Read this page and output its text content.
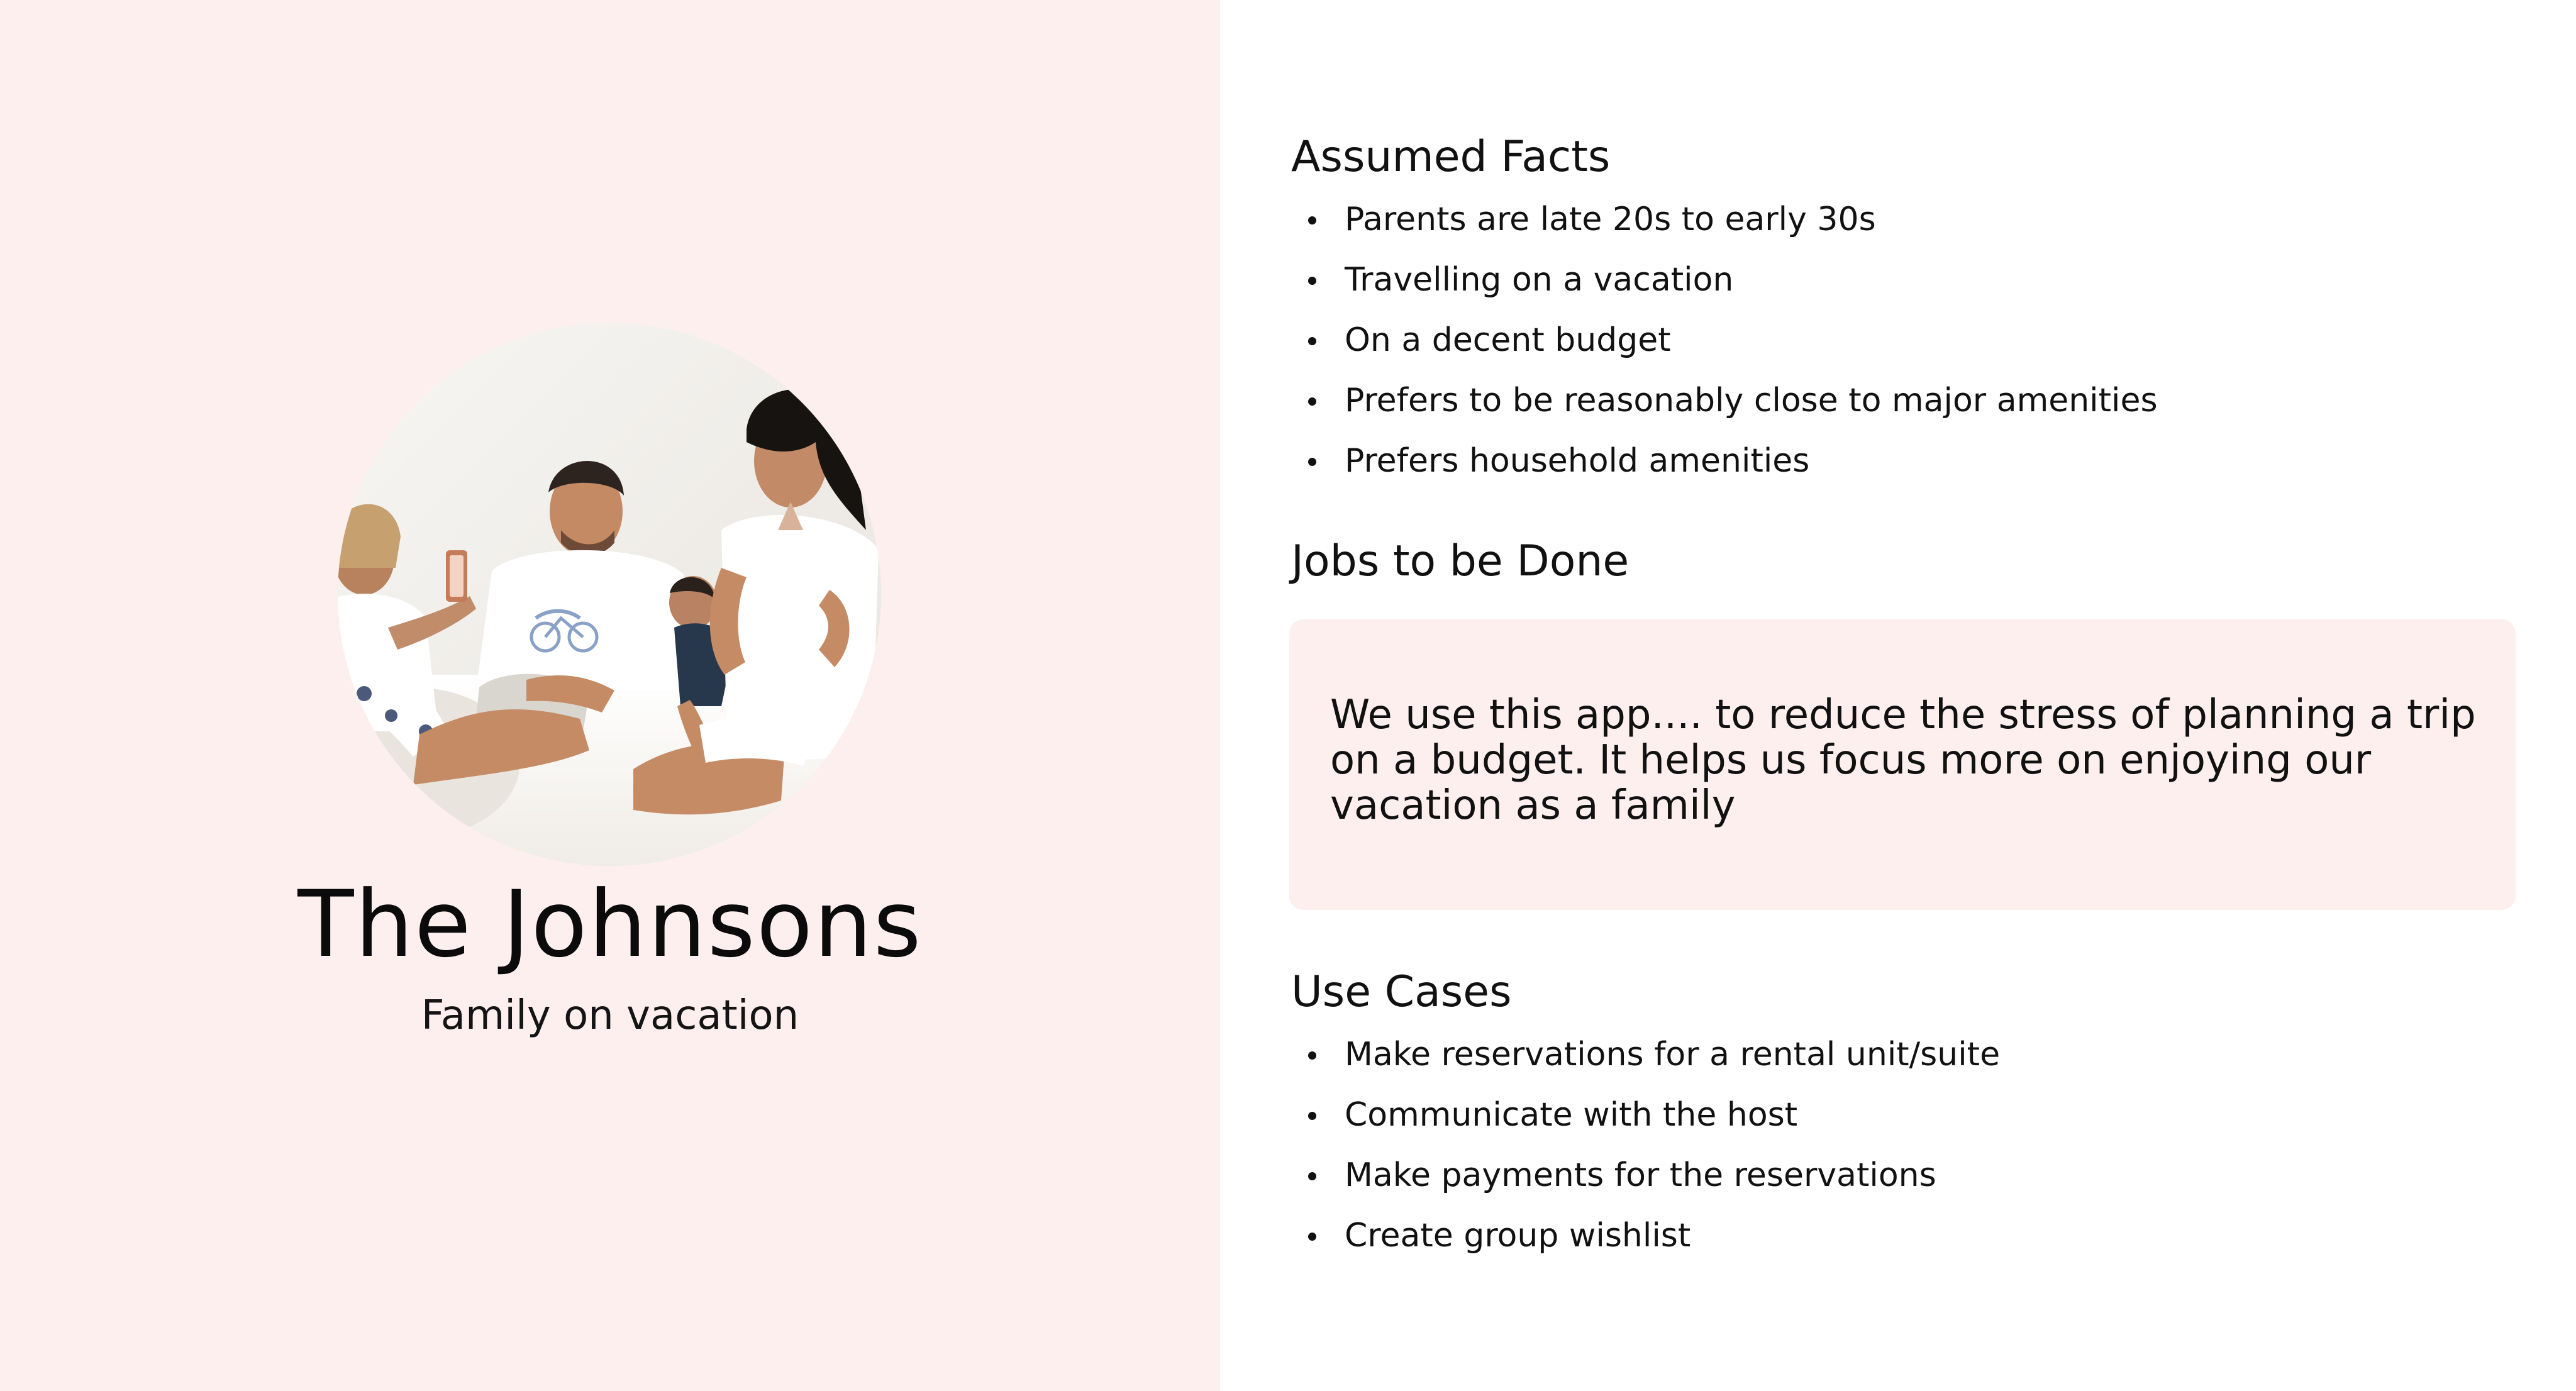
The Johnsons
Family on vacation
Assumed Facts
Parents are late 20s to early 30s
Travelling on a vacation
On a decent budget
Prefers to be reasonably close to major amenities
Prefers household amenities
Jobs to be Done
We use this app.... to reduce the stress of planning a trip on a budget. It helps us focus more on enjoying our vacation as a family
Use Cases
Make reservations for a rental unit/suite
Communicate with the host
Make payments for the reservations
Create group wishlist
